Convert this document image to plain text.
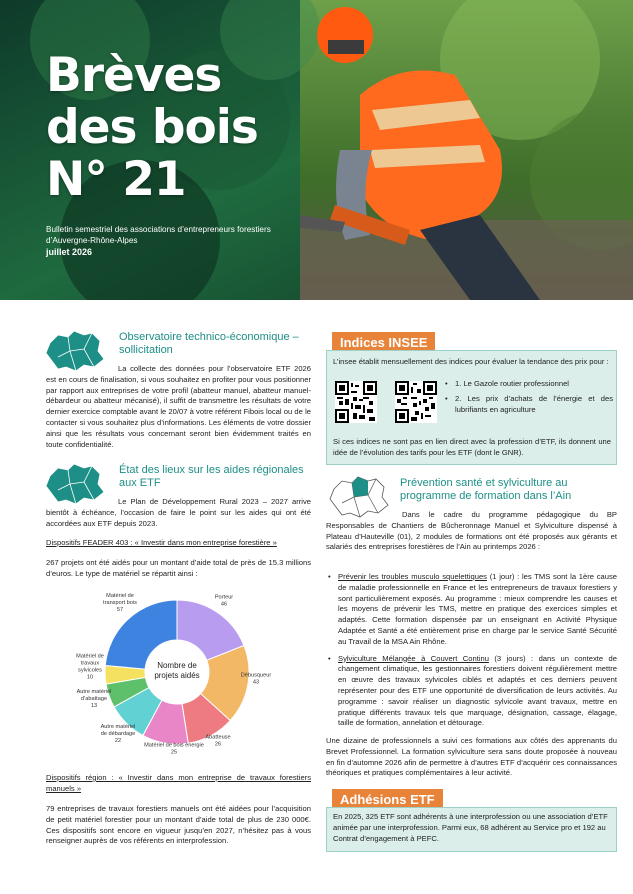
Brèves
des bois
N° 21
Bulletin semestriel des associations d’entrepreneurs forestiers d’Auvergne-Rhône-Alpes
juillet 2026
Observatoire technico-économique –
sollicitation
La collecte des données pour l’observatoire ETF 2026 est en cours de finalisation, si vous souhaitez en profiter pour vous positionner par rapport aux entreprises de votre profil (abatteur manuel, abatteur manuel-débardeur ou abatteur mécanisé), il suffit de transmettre les résultats de votre dernier exercice comptable avant le 20/07 à votre référent Fibois local ou de le contacter si vous souhaitez plus d’informations. Les éléments de votre dossier ainsi que les résultats vous concernant seront bien évidemment traités en toute confidentialité.
État des lieux sur les aides régionales
aux ETF
Le Plan de Développement Rural 2023 – 2027 arrive bientôt à échéance, l’occasion de faire le point sur les aides qui ont été accordées aux ETF depuis 2023.
Dispositifs FEADER 403 : « Investir dans mon entreprise forestière »
267 projets ont été aidés pour un montant d’aide total de près de 15.3 millions d’euros. Le type de matériel se répartit ainsi :
Nombre de
projets aidés
Porteur 46
Débusqueur 43
Abatteuse 26
Matériel de bois énergie 25
Autre matériel de débardage 22
Autre matériel d’abattage 13
Matériel de travaux sylvicoles 10
Matériel de transport bois 57
Dispositifs région : « Investir dans mon entreprise de travaux forestiers manuels »
79 entreprises de travaux forestiers manuels ont été aidées pour l’acquisition de petit matériel forestier pour un montant d’aide total de plus de 230 000€. Ces dispositifs sont encore en vigueur jusqu’en 2027, n’hésitez pas à vous renseigner auprès de vos référents en interprofession.
Indices INSEE
L’insee établit mensuellement des indices pour évaluer la tendance des prix pour :
• 1. Le Gazole routier professionnel
• 2. Les prix d’achats de l’énergie et des lubrifiants en agriculture
Si ces indices ne sont pas en lien direct avec la profession d’ETF, ils donnent une idée de l’évolution des tarifs pour les ETF (dont le GNR).
Prévention santé et sylviculture au
programme de formation dans l’Ain
Dans le cadre du programme pédagogique du BP Responsables de Chantiers de Bûcheronnage Manuel et Sylviculture dispensé à Plateau d’Hauteville (01), 2 modules de formations ont été proposés aux gérants et salariés des entreprises forestières de l’Ain au printemps 2026 :
• Prévenir les troubles musculo squelettiques (1 jour) : les TMS sont la 1ère cause de maladie professionnelle en France et les entrepreneurs de travaux forestiers y sont particulièrement exposés. Au programme : mieux comprendre les causes et les moyens de prévenir les TMS, mettre en pratique des exercices simples et adaptés. Cette formation dispensée par un enseignant en Activité Physique Adaptée et Santé a été entièrement prise en charge par le service Santé Sécurité au Travail de la MSA Ain Rhône.
• Sylviculture Mélangée à Couvert Continu (3 jours) : dans un contexte de changement climatique, les gestionnaires forestiers doivent régulièrement mettre en œuvre des travaux sylvicoles ciblés et adaptés et ces derniers peuvent représenter pour des ETF une opportunité de diversification de leurs activités. Au programme : savoir réaliser un diagnostic sylvicole avant travaux, mettre en pratique différents travaux tels que marquage, désignation, cassage, élagage, taille de formation, annelation et détourage.
Une dizaine de professionnels a suivi ces formations aux côtés des apprenants du Brevet Professionnel. La formation sylviculture sera sans doute proposée à nouveau en fin d’automne 2026 afin de permettre à d’autres ETF d’acquérir ces connaissances théoriques et pratiques complémentaires à leur activité.
Adhésions ETF
En 2025, 325 ETF sont adhérents à une interprofession ou une association d’ETF animée par une interprofession. Parmi eux, 68 adhérent au Service pro et 192 au Contrat d’engagement à PEFC.
